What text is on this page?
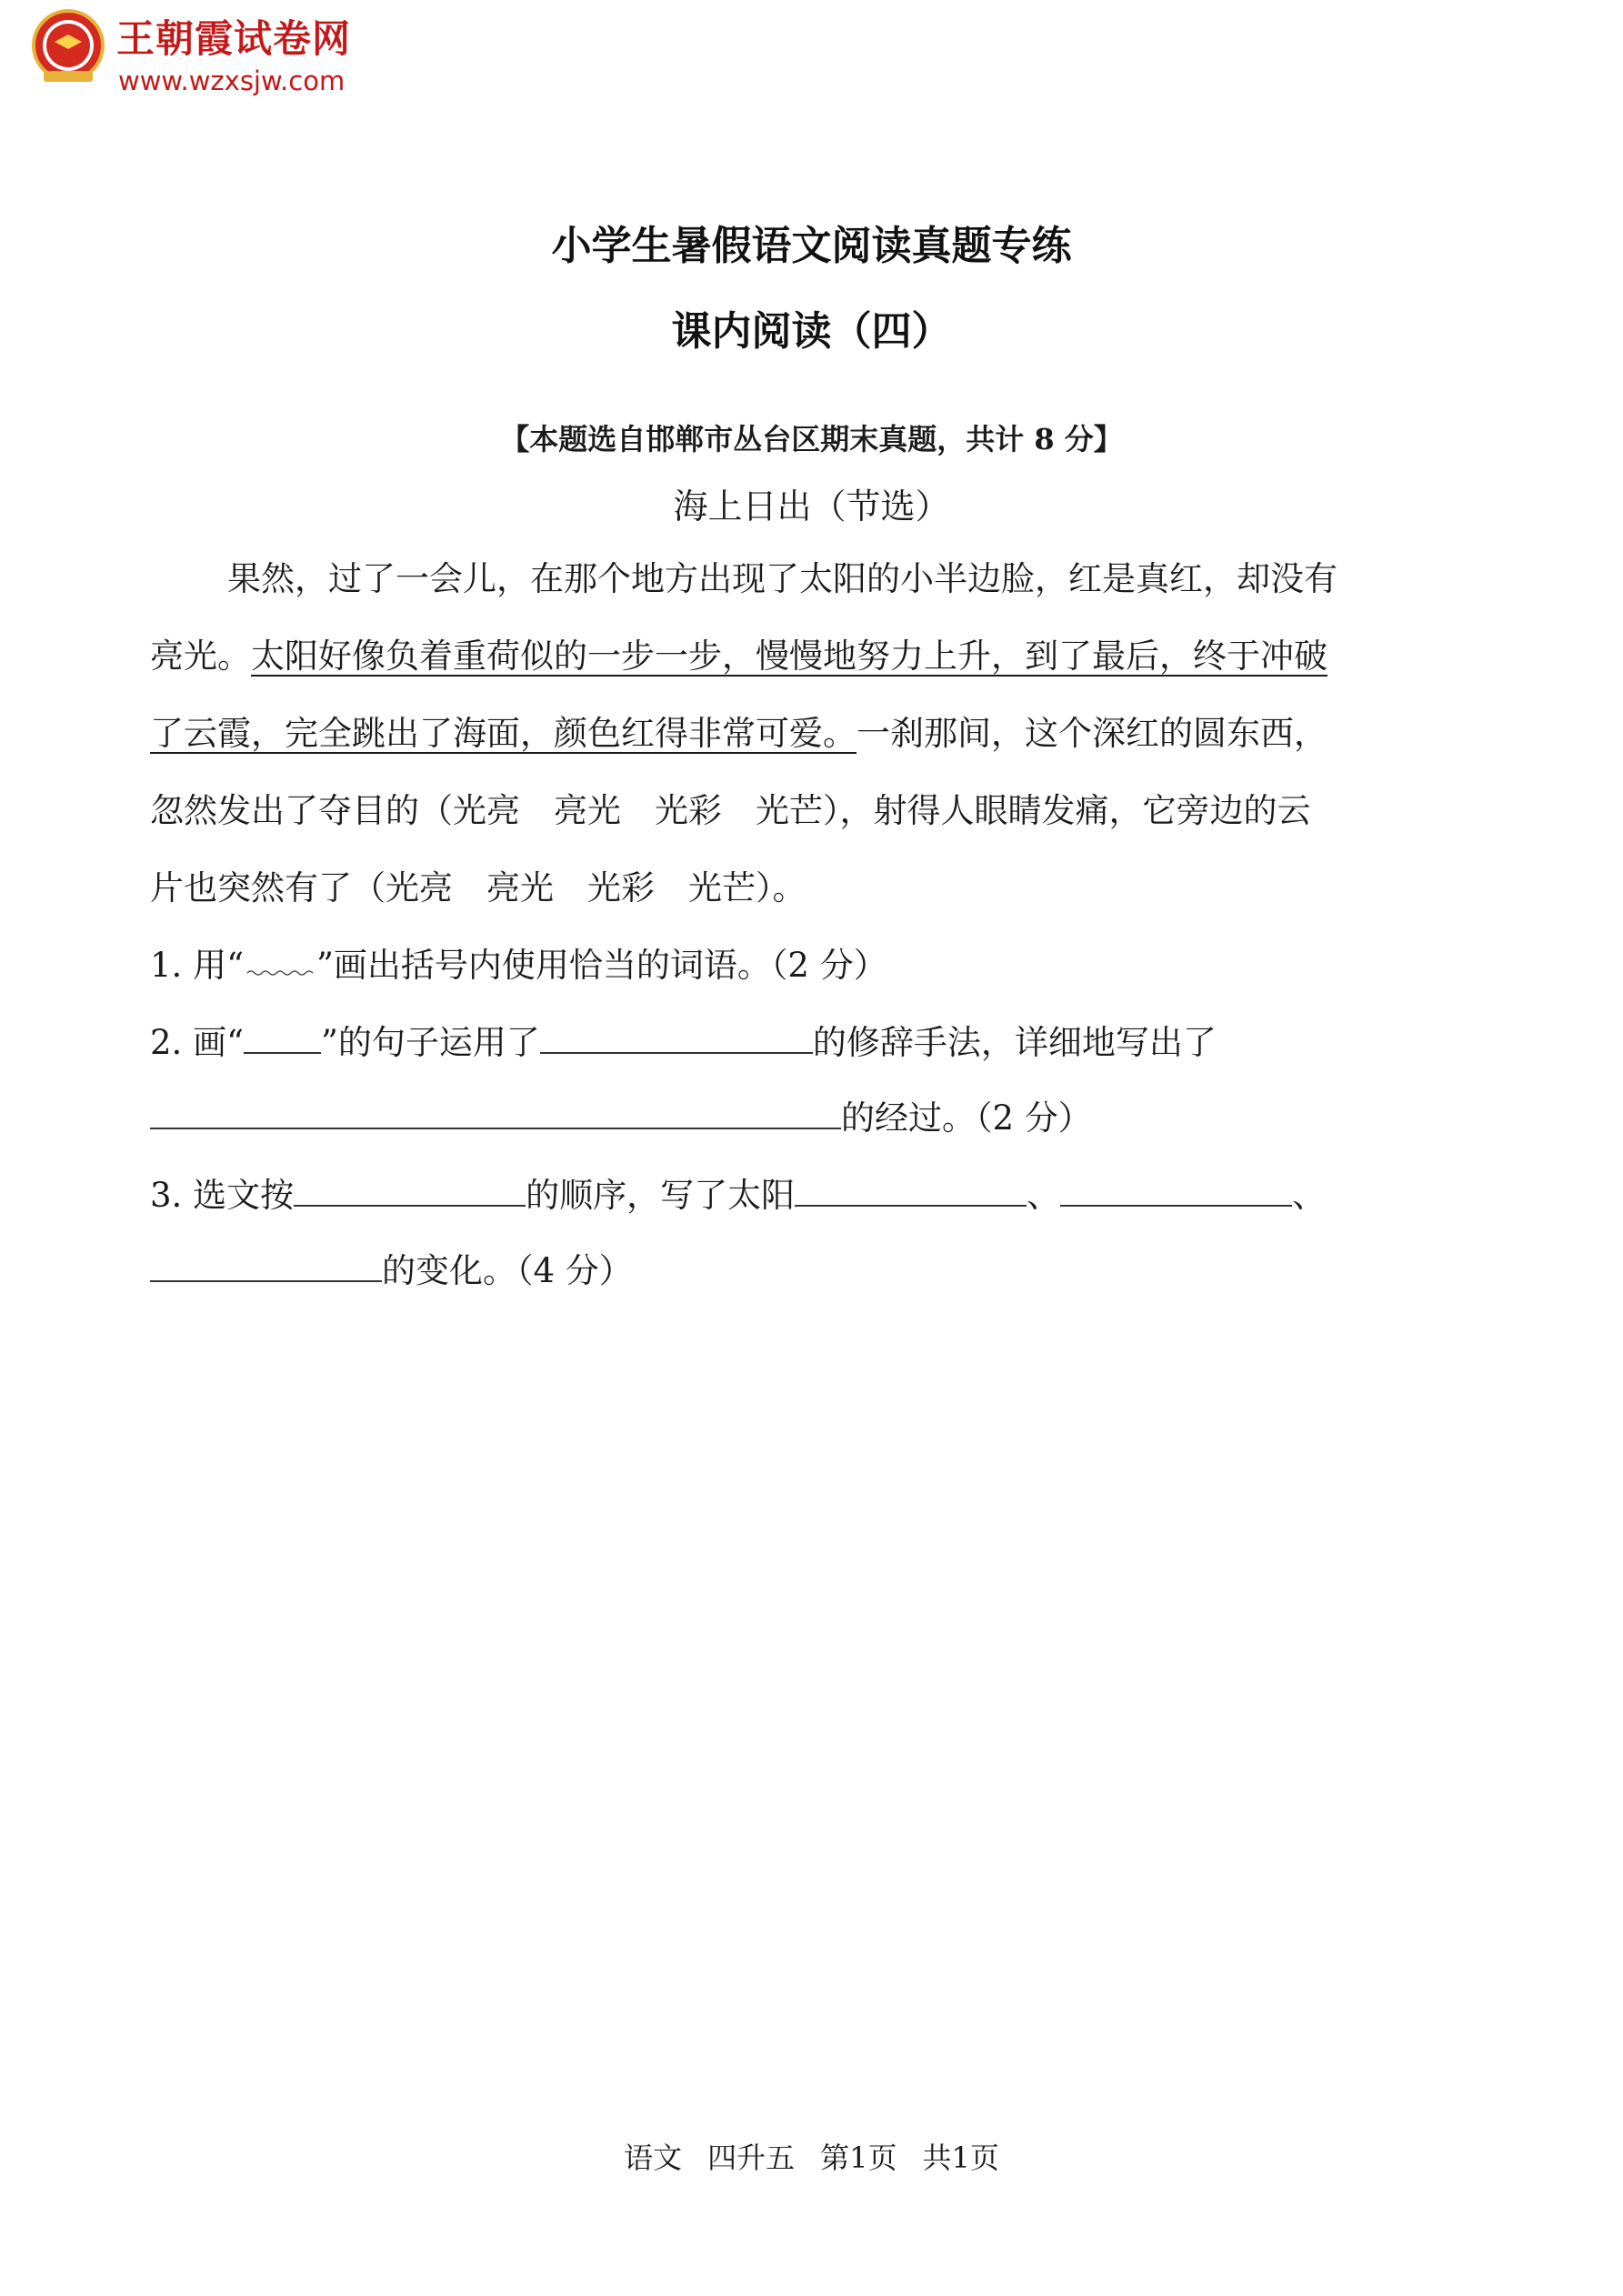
王朝霞试卷网
www.wzxsjw.com
小学生暑假语文阅读真题专练
课内阅读（四）
【本题选自邯郸市丛台区期末真题，共计 8 分】
海上日出（节选）
果然，过了一会儿，在那个地方出现了太阳的小半边脸，红是真红，却没有
亮光。太阳好像负着重荷似的一步一步，慢慢地努力上升，到了最后，终于冲破
了云霞，完全跳出了海面，颜色红得非常可爱。一刹那间，这个深红的圆东西，
忽然发出了夺目的（光亮　亮光　光彩　光芒），射得人眼睛发痛，它旁边的云
片也突然有了（光亮　亮光　光彩　光芒）。
1. 用“ ”画出括号内使用恰当的词语。（2 分）
2. 画“ ”的句子运用了	的修辞手法，详细地写出了
的经过。（2 分）
3. 选文按	的顺序，写了太阳	、	、
的变化。（4 分）
语文 四升五 第1页 共1页
